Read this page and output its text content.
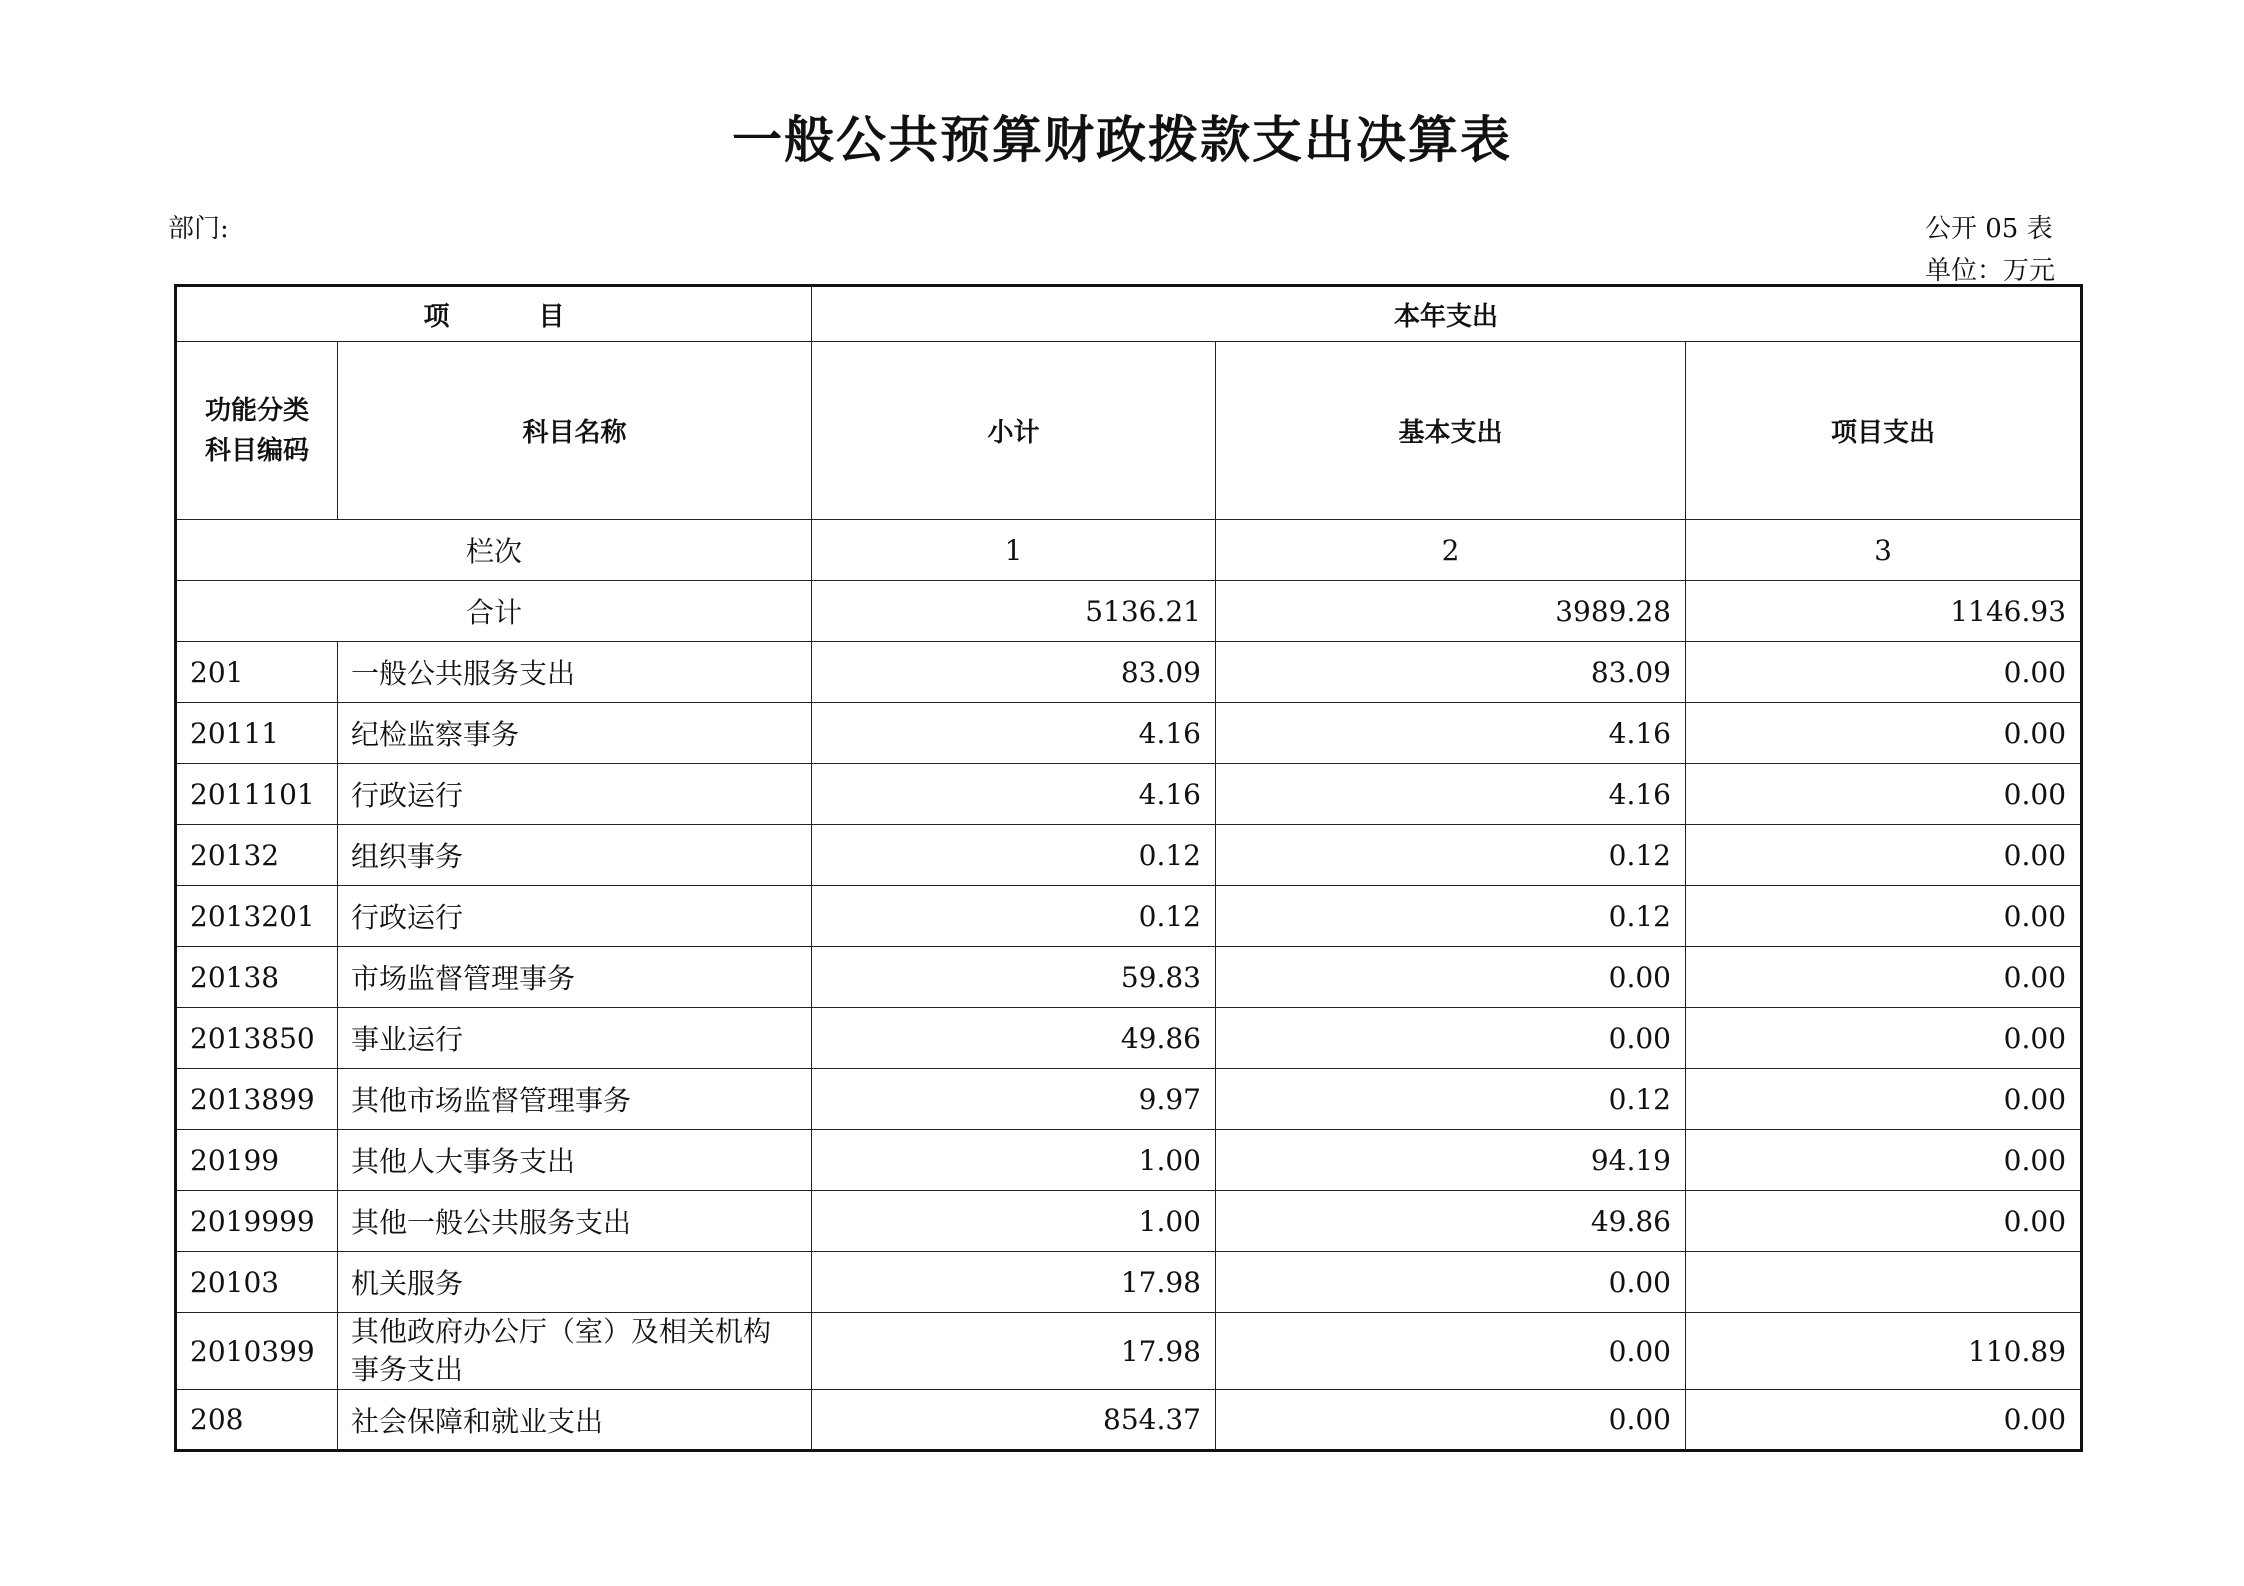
一般公共预算财政拨款支出决算表
部门:	公开 05 表
单位：万元
项 目		本年支出		
功能分类
科目编码	科目名称	小计	基本支出	项目支出
栏次		1	2	3
合计		5136.21	3989.28	1146.93
201	一般公共服务支出	83.09	83.09	0.00
20111	纪检监察事务	4.16	4.16	0.00
2011101	行政运行	4.16	4.16	0.00
20132	组织事务	0.12	0.12	0.00
2013201	行政运行	0.12	0.12	0.00
20138	市场监督管理事务	59.83	0.00	0.00
2013850	事业运行	49.86	0.00	0.00
2013899	其他市场监督管理事务	9.97	0.12	0.00
20199	其他人大事务支出	1.00	94.19	0.00
2019999	其他一般公共服务支出	1.00	49.86	0.00
20103	机关服务	17.98	0.00	
2010399	其他政府办公厅（室）及相关机构事务支出	17.98	0.00	110.89
208	社会保障和就业支出	854.37	0.00	0.00
